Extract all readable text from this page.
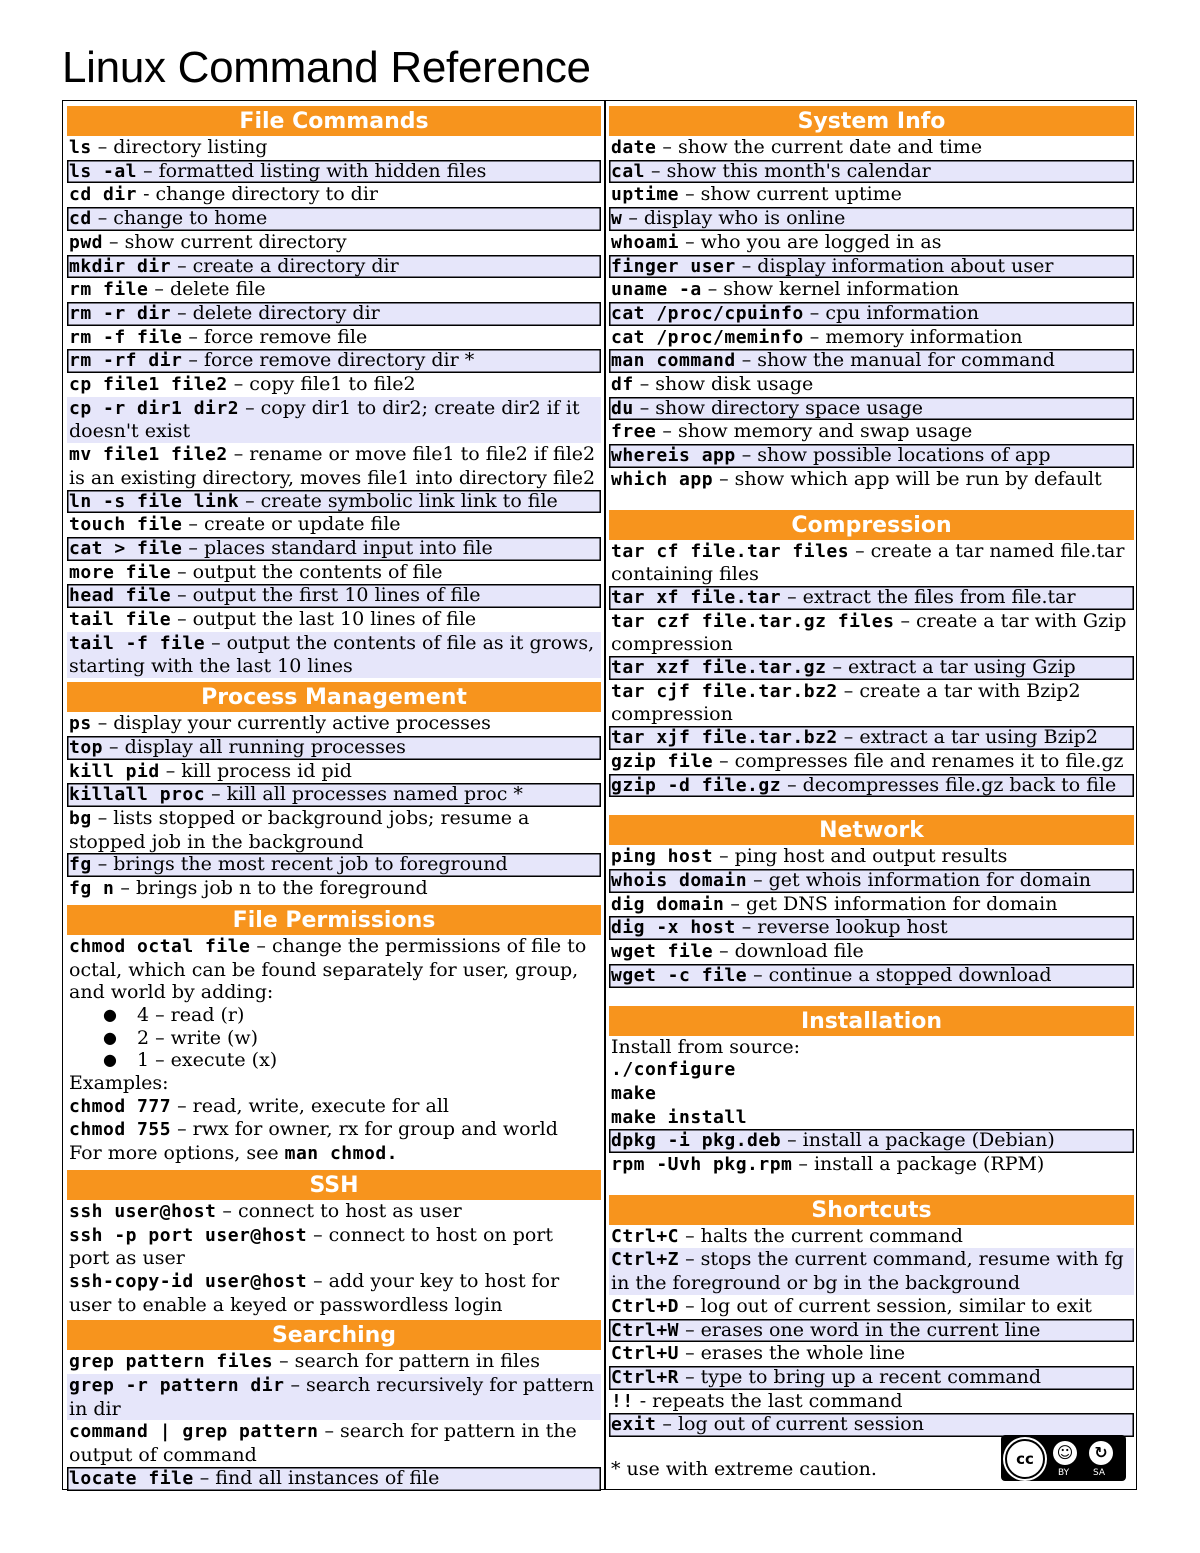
Linux Command Reference
File Commands
ls – directory listing
ls -al – formatted listing with hidden files
cd dir - change directory to dir
cd – change to home
pwd – show current directory
mkdir dir – create a directory dir
rm file – delete file
rm -r dir – delete directory dir
rm -f file – force remove file
rm -rf dir – force remove directory dir *
cp file1 file2 – copy file1 to file2
cp -r dir1 dir2 – copy dir1 to dir2; create dir2 if it doesn't exist
mv file1 file2 – rename or move file1 to file2 if file2 is an existing directory, moves file1 into directory file2
ln -s file link – create symbolic link link to file
touch file – create or update file
cat > file – places standard input into file
more file – output the contents of file
head file – output the first 10 lines of file
tail file – output the last 10 lines of file
tail -f file – output the contents of file as it grows, starting with the last 10 lines
Process Management
ps – display your currently active processes
top – display all running processes
kill pid – kill process id pid
killall proc – kill all processes named proc *
bg – lists stopped or background jobs; resume a stopped job in the background
fg – brings the most recent job to foreground
fg n – brings job n to the foreground
File Permissions
chmod octal file – change the permissions of file to octal, which can be found separately for user, group, and world by adding:
● 4 – read (r)
● 2 – write (w)
● 1 – execute (x)
Examples:
chmod 777 – read, write, execute for all
chmod 755 – rwx for owner, rx for group and world
For more options, see man chmod.
SSH
ssh user@host – connect to host as user
ssh -p port user@host – connect to host on port port as user
ssh-copy-id user@host – add your key to host for user to enable a keyed or passwordless login
Searching
grep pattern files – search for pattern in files
grep -r pattern dir – search recursively for pattern in dir
command | grep pattern – search for pattern in the output of command
locate file – find all instances of file
System Info
date – show the current date and time
cal – show this month's calendar
uptime – show current uptime
w – display who is online
whoami – who you are logged in as
finger user – display information about user
uname -a – show kernel information
cat /proc/cpuinfo – cpu information
cat /proc/meminfo – memory information
man command – show the manual for command
df – show disk usage
du – show directory space usage
free – show memory and swap usage
whereis app – show possible locations of app
which app – show which app will be run by default
Compression
tar cf file.tar files – create a tar named file.tar containing files
tar xf file.tar – extract the files from file.tar
tar czf file.tar.gz files – create a tar with Gzip compression
tar xzf file.tar.gz – extract a tar using Gzip
tar cjf file.tar.bz2 – create a tar with Bzip2 compression
tar xjf file.tar.bz2 – extract a tar using Bzip2
gzip file – compresses file and renames it to file.gz
gzip -d file.gz – decompresses file.gz back to file
Network
ping host – ping host and output results
whois domain – get whois information for domain
dig domain – get DNS information for domain
dig -x host – reverse lookup host
wget file – download file
wget -c file – continue a stopped download
Installation
Install from source:
./configure
make
make install
dpkg -i pkg.deb – install a package (Debian)
rpm -Uvh pkg.rpm – install a package (RPM)
Shortcuts
Ctrl+C – halts the current command
Ctrl+Z – stops the current command, resume with fg in the foreground or bg in the background
Ctrl+D – log out of current session, similar to exit
Ctrl+W – erases one word in the current line
Ctrl+U – erases the whole line
Ctrl+R – type to bring up a recent command
!! - repeats the last command
exit – log out of current session
* use with extreme caution.	cc	☺	↻
BY	SA
